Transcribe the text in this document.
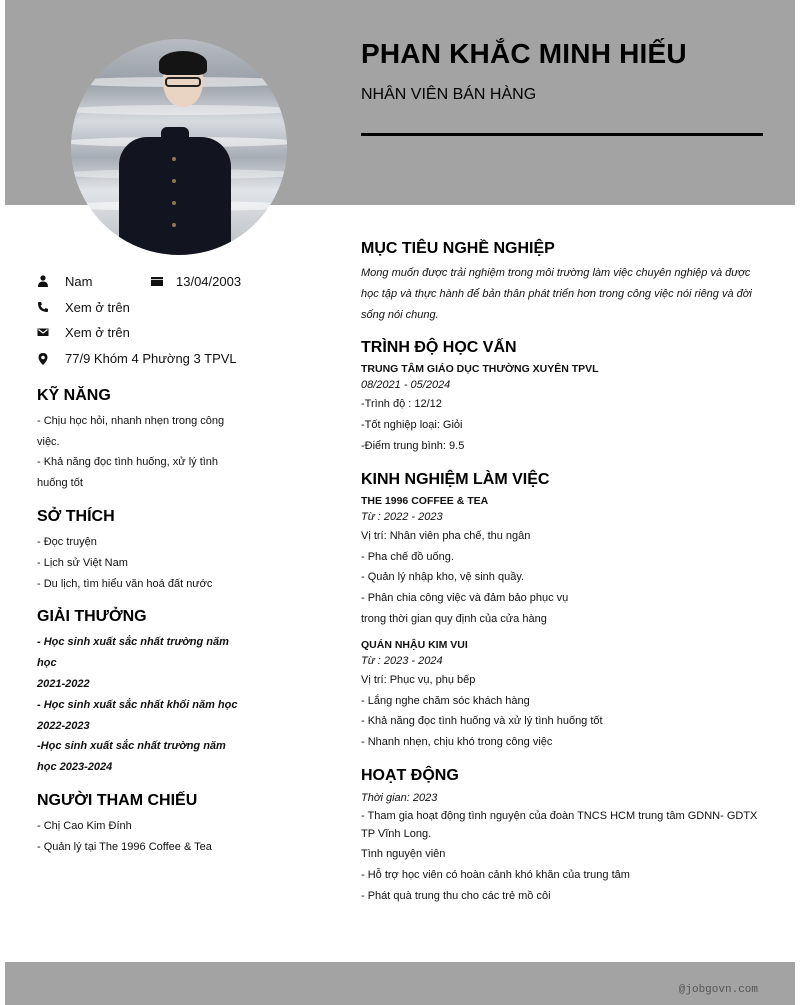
PHAN KHẮC MINH HIẾU
NHÂN VIÊN BÁN HÀNG
Nam	13/04/2003
Xem ở trên
Xem ở trên
77/9 Khóm 4 Phường 3 TPVL
KỸ NĂNG
- Chịu học hỏi, nhanh nhẹn trong công
việc.
- Khả năng đọc tình huống, xử lý tình
huống tốt
SỞ THÍCH
- Đọc truyện
- Lịch sử Việt Nam
- Du lịch, tìm hiểu văn hoá đất nước
GIẢI THƯỞNG
- Học sinh xuất sắc nhất trường năm học
2021-2022
- Học sinh xuất sắc nhất khối năm học
2022-2023
-Học sinh xuất sắc nhất trường năm
học 2023-2024
NGƯỜI THAM CHIẾU
- Chị Cao Kim Đính
- Quản lý tại The 1996 Coffee & Tea
MỤC TIÊU NGHỀ NGHIỆP
Mong muốn được trải nghiệm trong môi trường làm việc chuyên nghiệp và được học tập và thực hành để bản thân phát triển hơn trong công việc nói riêng và đời sống nói chung.
TRÌNH ĐỘ HỌC VẤN
TRUNG TÂM GIÁO DỤC THƯỜNG XUYÊN TPVL
08/2021 - 05/2024
-Trình độ : 12/12
-Tốt nghiệp loại: Giỏi
-Điểm trung bình: 9.5
KINH NGHIỆM LÀM VIỆC
THE 1996 COFFEE & TEA
Từ : 2022 - 2023
Vị trí: Nhân viên pha chế, thu ngân
- Pha chế đồ uống.
- Quản lý nhập kho, vệ sinh quầy.
- Phân chia công việc và đảm bảo phục vụ
trong thời gian quy định của cửa hàng
QUÁN NHẬU KIM VUI
Từ : 2023 - 2024
Vị trí: Phục vụ, phụ bếp
- Lắng nghe chăm sóc khách hàng
- Khả năng đọc tình huống và xử lý tình huống tốt
- Nhanh nhẹn, chịu khó trong công việc
HOẠT ĐỘNG
Thời gian: 2023
- Tham gia hoạt động tình nguyện của đoàn TNCS HCM trung tâm GDNN- GDTX TP Vĩnh Long.
Tình nguyện viên
- Hỗ trợ học viên có hoàn cảnh khó khăn của trung tâm
- Phát quà trung thu cho các trẻ mồ côi
@jobgovn.com
